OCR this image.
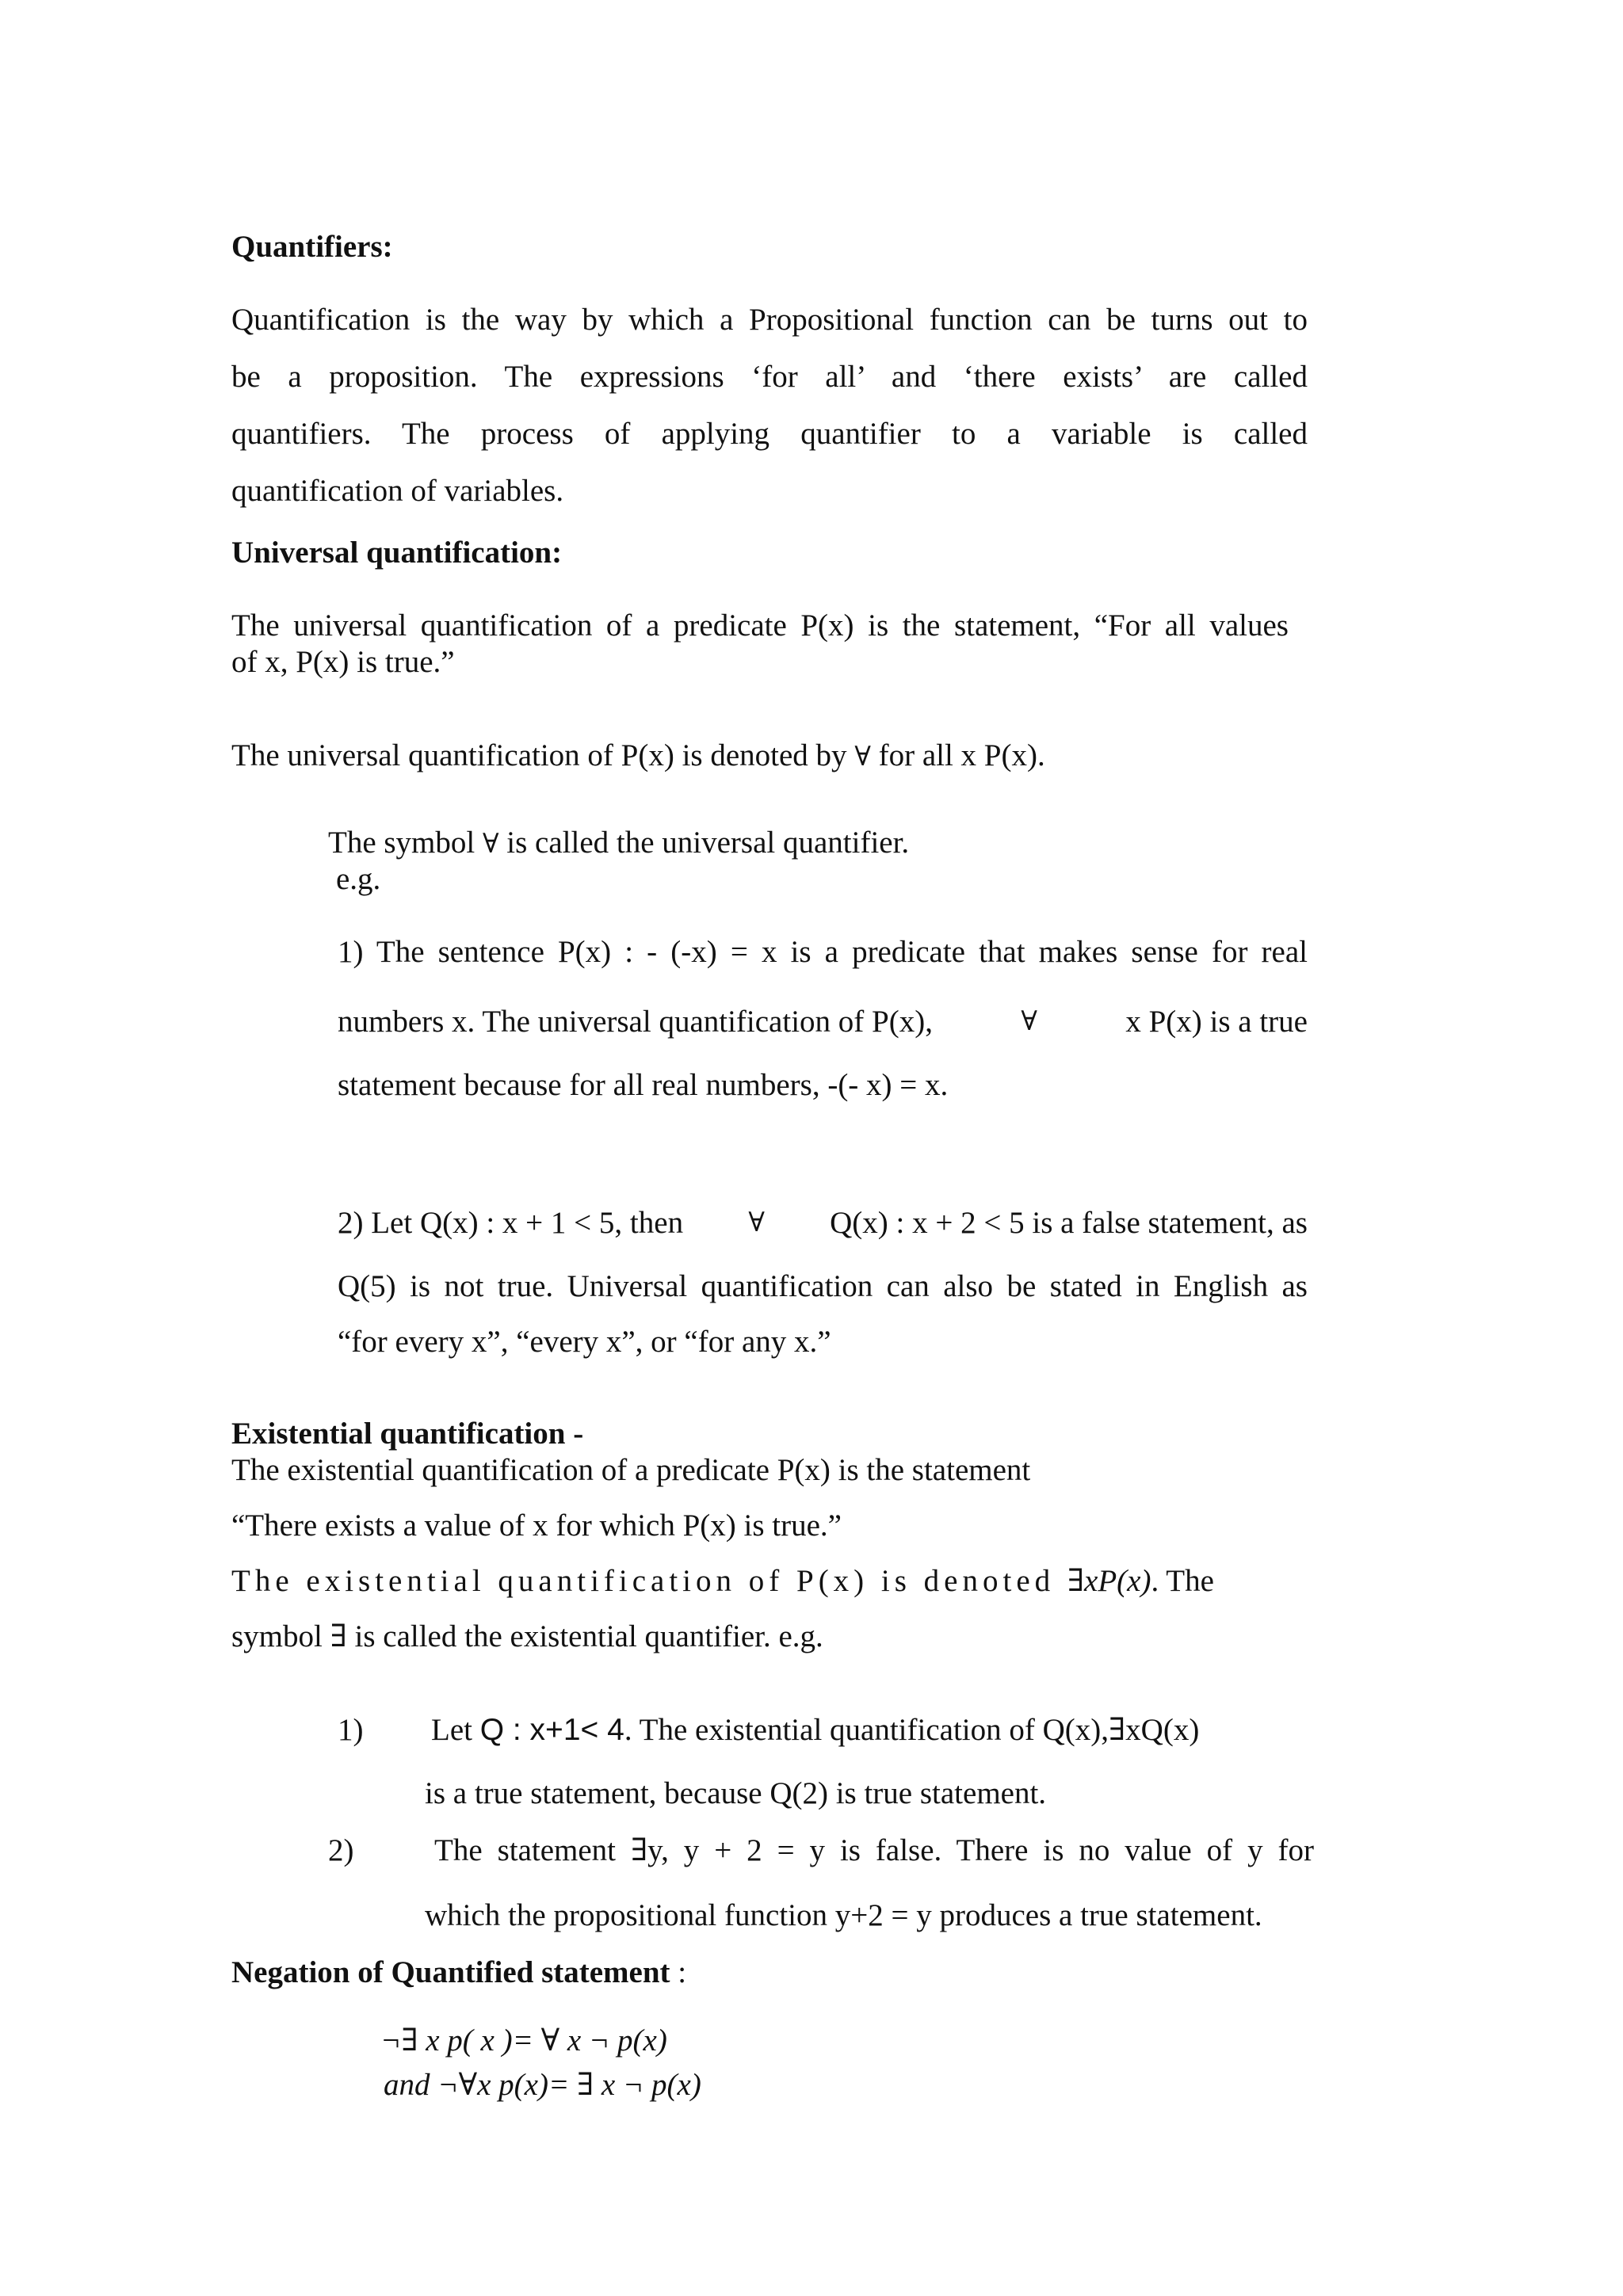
Quantifiers:
Quantification is the way by which a Propositional function can be turns out to
be a proposition. The expressions ‘for all’ and ‘there exists’ are called
quantifiers. The process of applying quantifier to a variable is called
quantification of variables.
Universal quantification:
The universal quantification of a predicate P(x) is the statement, “For all values
of x, P(x) is true.”
The universal quantification of P(x) is denoted by ∀ for all x P(x).
The symbol ∀ is called the universal quantifier.
e.g.
1) The sentence P(x) : - (-x) = x is a predicate that makes sense for real
numbers x. The universal quantification of P(x),	∀	x P(x) is a true
statement because for all real numbers, -(- x) = x.
2) Let Q(x) : x + 1 < 5, then ∀ Q(x) : x + 2 < 5 is a false statement, as
Q(5) is not true. Universal quantification can also be stated in English as
“for every x”, “every x”, or “for any x.”
Existential quantification -
The existential quantification of a predicate P(x) is the statement
“There exists a value of x for which P(x) is true.”
The existential quantification of P(x) is denoted ∃xP(x). The
symbol ∃ is called the existential quantifier. e.g.
1) Let Q : x+1< 4. The existential quantification of Q(x),∃xQ(x)
is a true statement, because Q(2) is true statement.
2)	The statement ∃y, y + 2 = y is false. There is no value of y for
which the propositional function y+2 = y produces a true statement.
Negation of Quantified statement :
¬∃ x p( x )= ∀ x ¬ p(x)
and ¬∀x p(x)= ∃ x ¬ p(x)
